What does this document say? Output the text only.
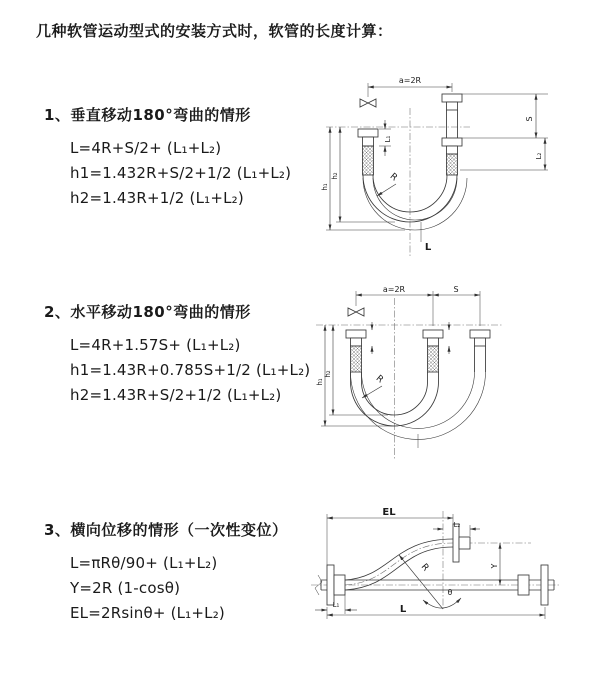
几种软管运动型式的安装方式时，软管的长度计算：
1、垂直移动180°弯曲的情形
L=4R+S/2+ (L₁+L₂)
h1=1.432R+S/2+1/2 (L₁+L₂)
h2=1.43R+1/2 (L₁+L₂)
2、水平移动180°弯曲的情形
L=4R+1.57S+ (L₁+L₂)
h1=1.43R+0.785S+1/2 (L₁+L₂)
h2=1.43R+S/2+1/2 (L₁+L₂)
3、横向位移的情形（一次性变位）
L=πRθ/90+ (L₁+L₂)
Y=2R (1-cosθ)
EL=2Rsinθ+ (L₁+L₂)
a=2R
S
L₂
L₁
h₁
h₂	R
L
a=2R	S
h₁
h₂	R
EL
L₂
R
θ
Y
L₁	L
